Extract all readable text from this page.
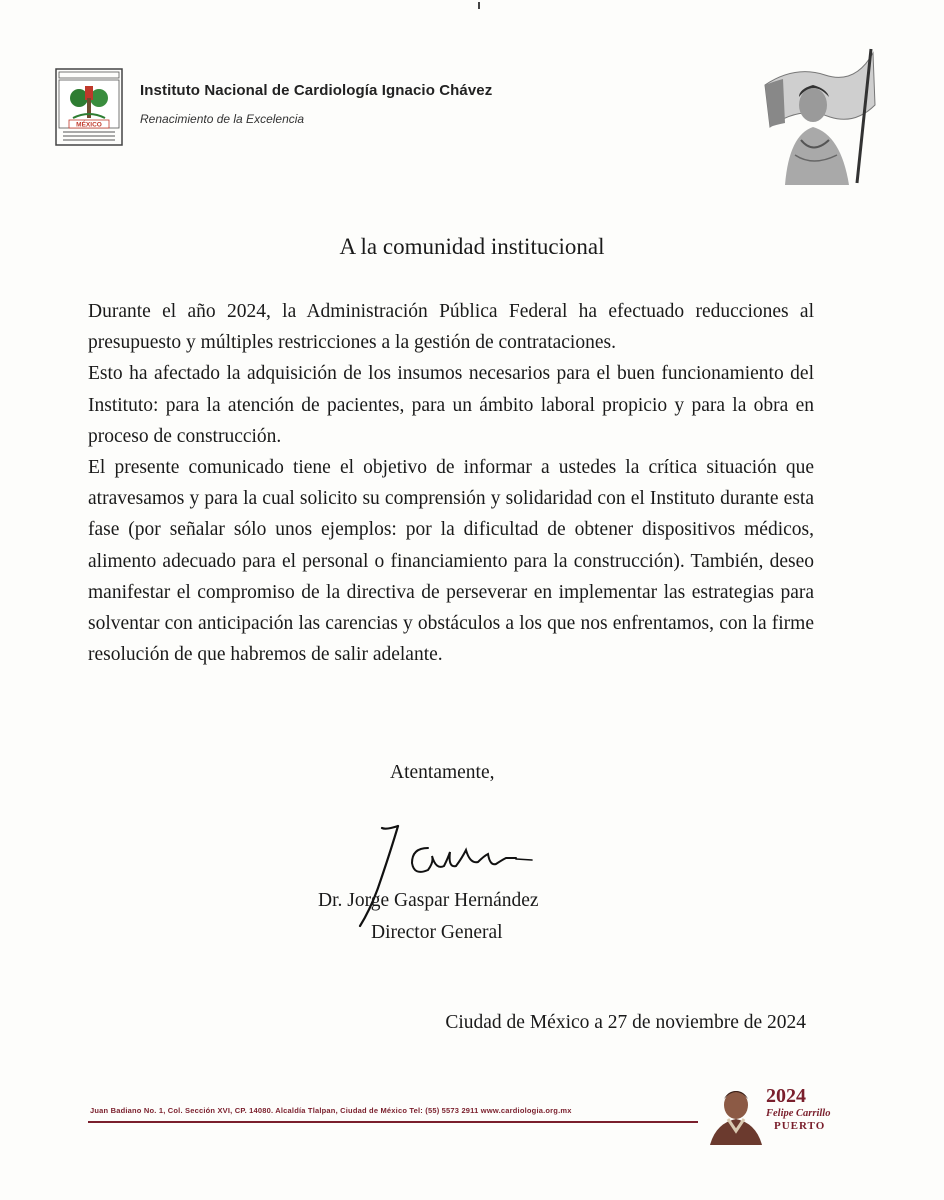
MÉXICO
Instituto Nacional de Cardiología Ignacio Chávez
Renacimiento de la Excelencia
A la comunidad institucional

Durante el año 2024, la Administración Pública Federal ha efectuado reducciones al presupuesto y múltiples restricciones a la gestión de contrataciones.

Esto ha afectado la adquisición de los insumos necesarios para el buen funcionamiento del Instituto: para la atención de pacientes, para un ámbito laboral propicio y para la obra en proceso de construcción.

El presente comunicado tiene el objetivo de informar a ustedes la crítica situación que atravesamos y para la cual solicito su comprensión y solidaridad con el Instituto durante esta fase (por señalar sólo unos ejemplos: por la dificultad de obtener dispositivos médicos, alimento adecuado para el personal o financiamiento para la construcción). También, deseo manifestar el compromiso de la directiva de perseverar en implementar las estrategias para solventar con anticipación las carencias y obstáculos a los que nos enfrentamos, con la firme resolución de que habremos de salir adelante.

Atentamente,
Dr. Jorge Gaspar Hernández
Director General
Ciudad de México a 27 de noviembre de 2024
Juan Badiano No. 1, Col. Sección XVI, CP. 14080. Alcaldía Tlalpan, Ciudad de México Tel: (55) 5573 2911 www.cardiologia.org.mx
2024
Felipe Carrillo
PUERTO
